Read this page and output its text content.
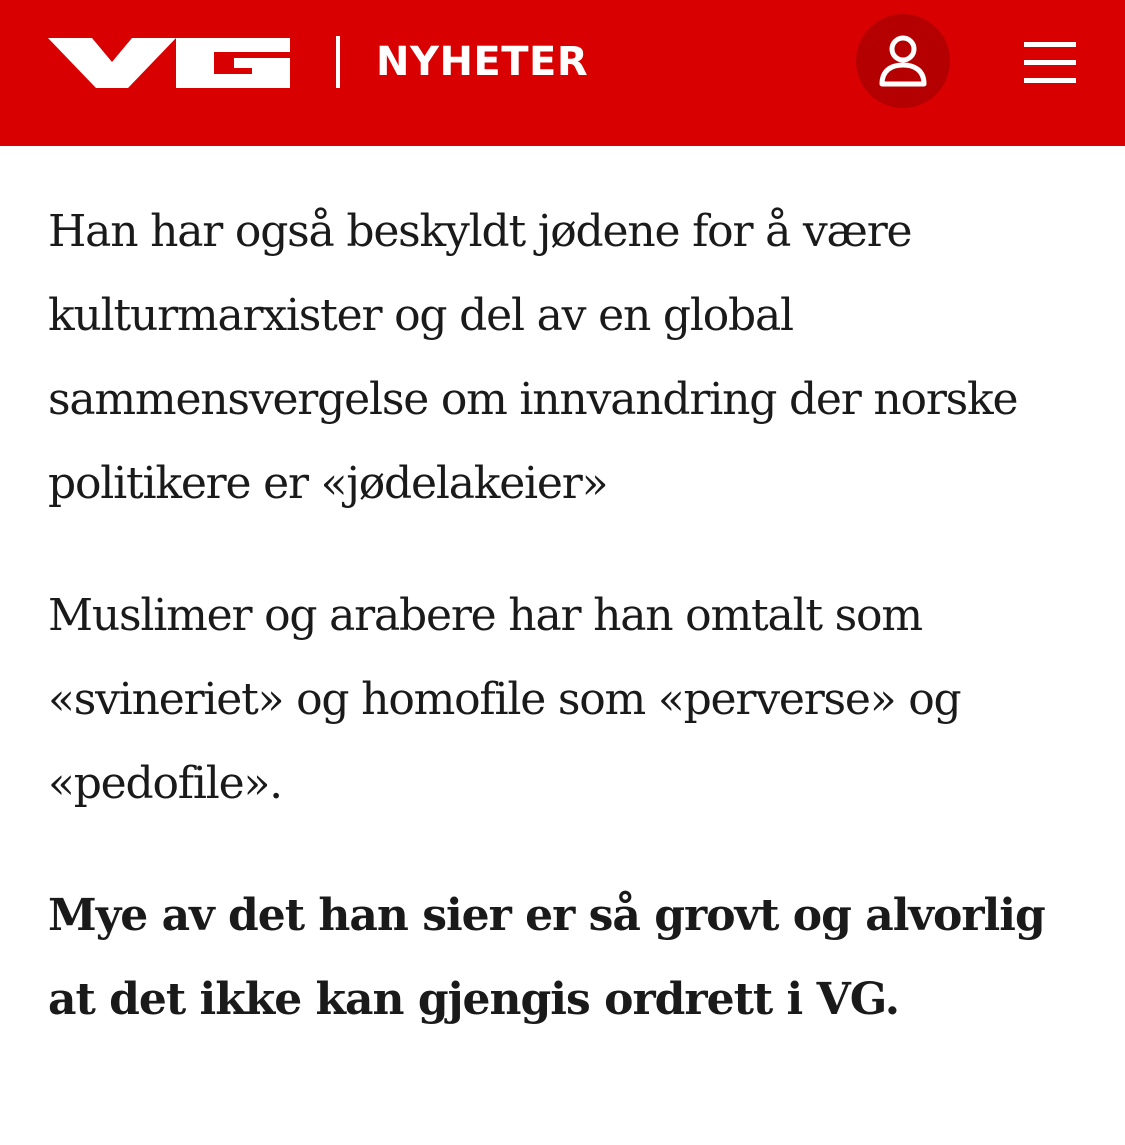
NYHETER

Han har også beskyldt jødene for å være kulturmarxister og del av en global sammensvergelse om innvandring der norske politikere er «jødelakeier»

Muslimer og arabere har han omtalt som «svineriet» og homofile som «perverse» og «pedofile».

Mye av det han sier er så grovt og alvorlig at det ikke kan gjengis ordrett i VG.
